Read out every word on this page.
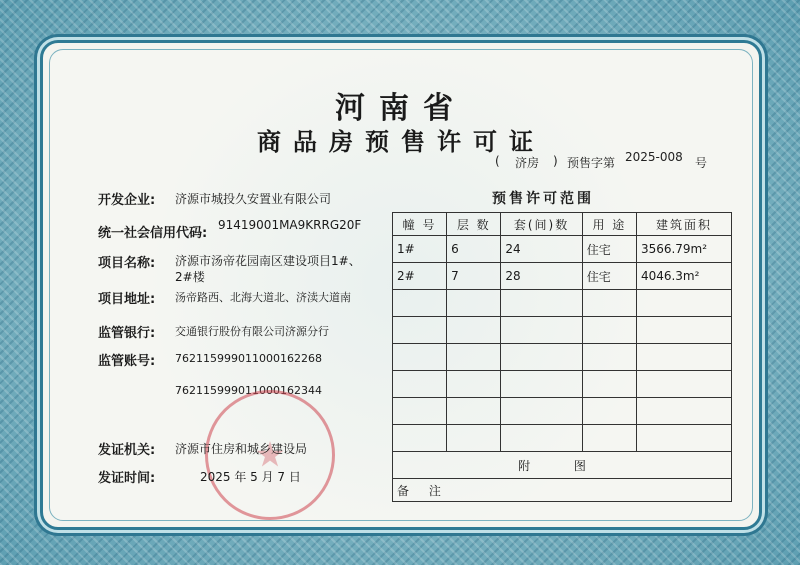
河南省
商品房预售许可证
( 济房 ) 预售字第 2025-008 号
预售许可范围
开发企业: 济源市城投久安置业有限公司
统一社会信用代码:
91419001MA9KRRG20F
项目名称: 济源市汤帝花园南区建设项目1#、
2#楼
项目地址: 汤帝路西、北海大道北、济渎大道南
监管银行: 交通银行股份有限公司济源分行
监管账号: 762115999011000162268
762115999011000162344
发证机关: 济源市住房和城乡建设局
发证时间:	2025 年 5 月 7 日
幢 号	层 数	套(间)数	用 途	建筑面积
1#	6	24	住宅	3566.79m²
2#	7	28	住宅	4046.3m²

附 图				
备 注				
